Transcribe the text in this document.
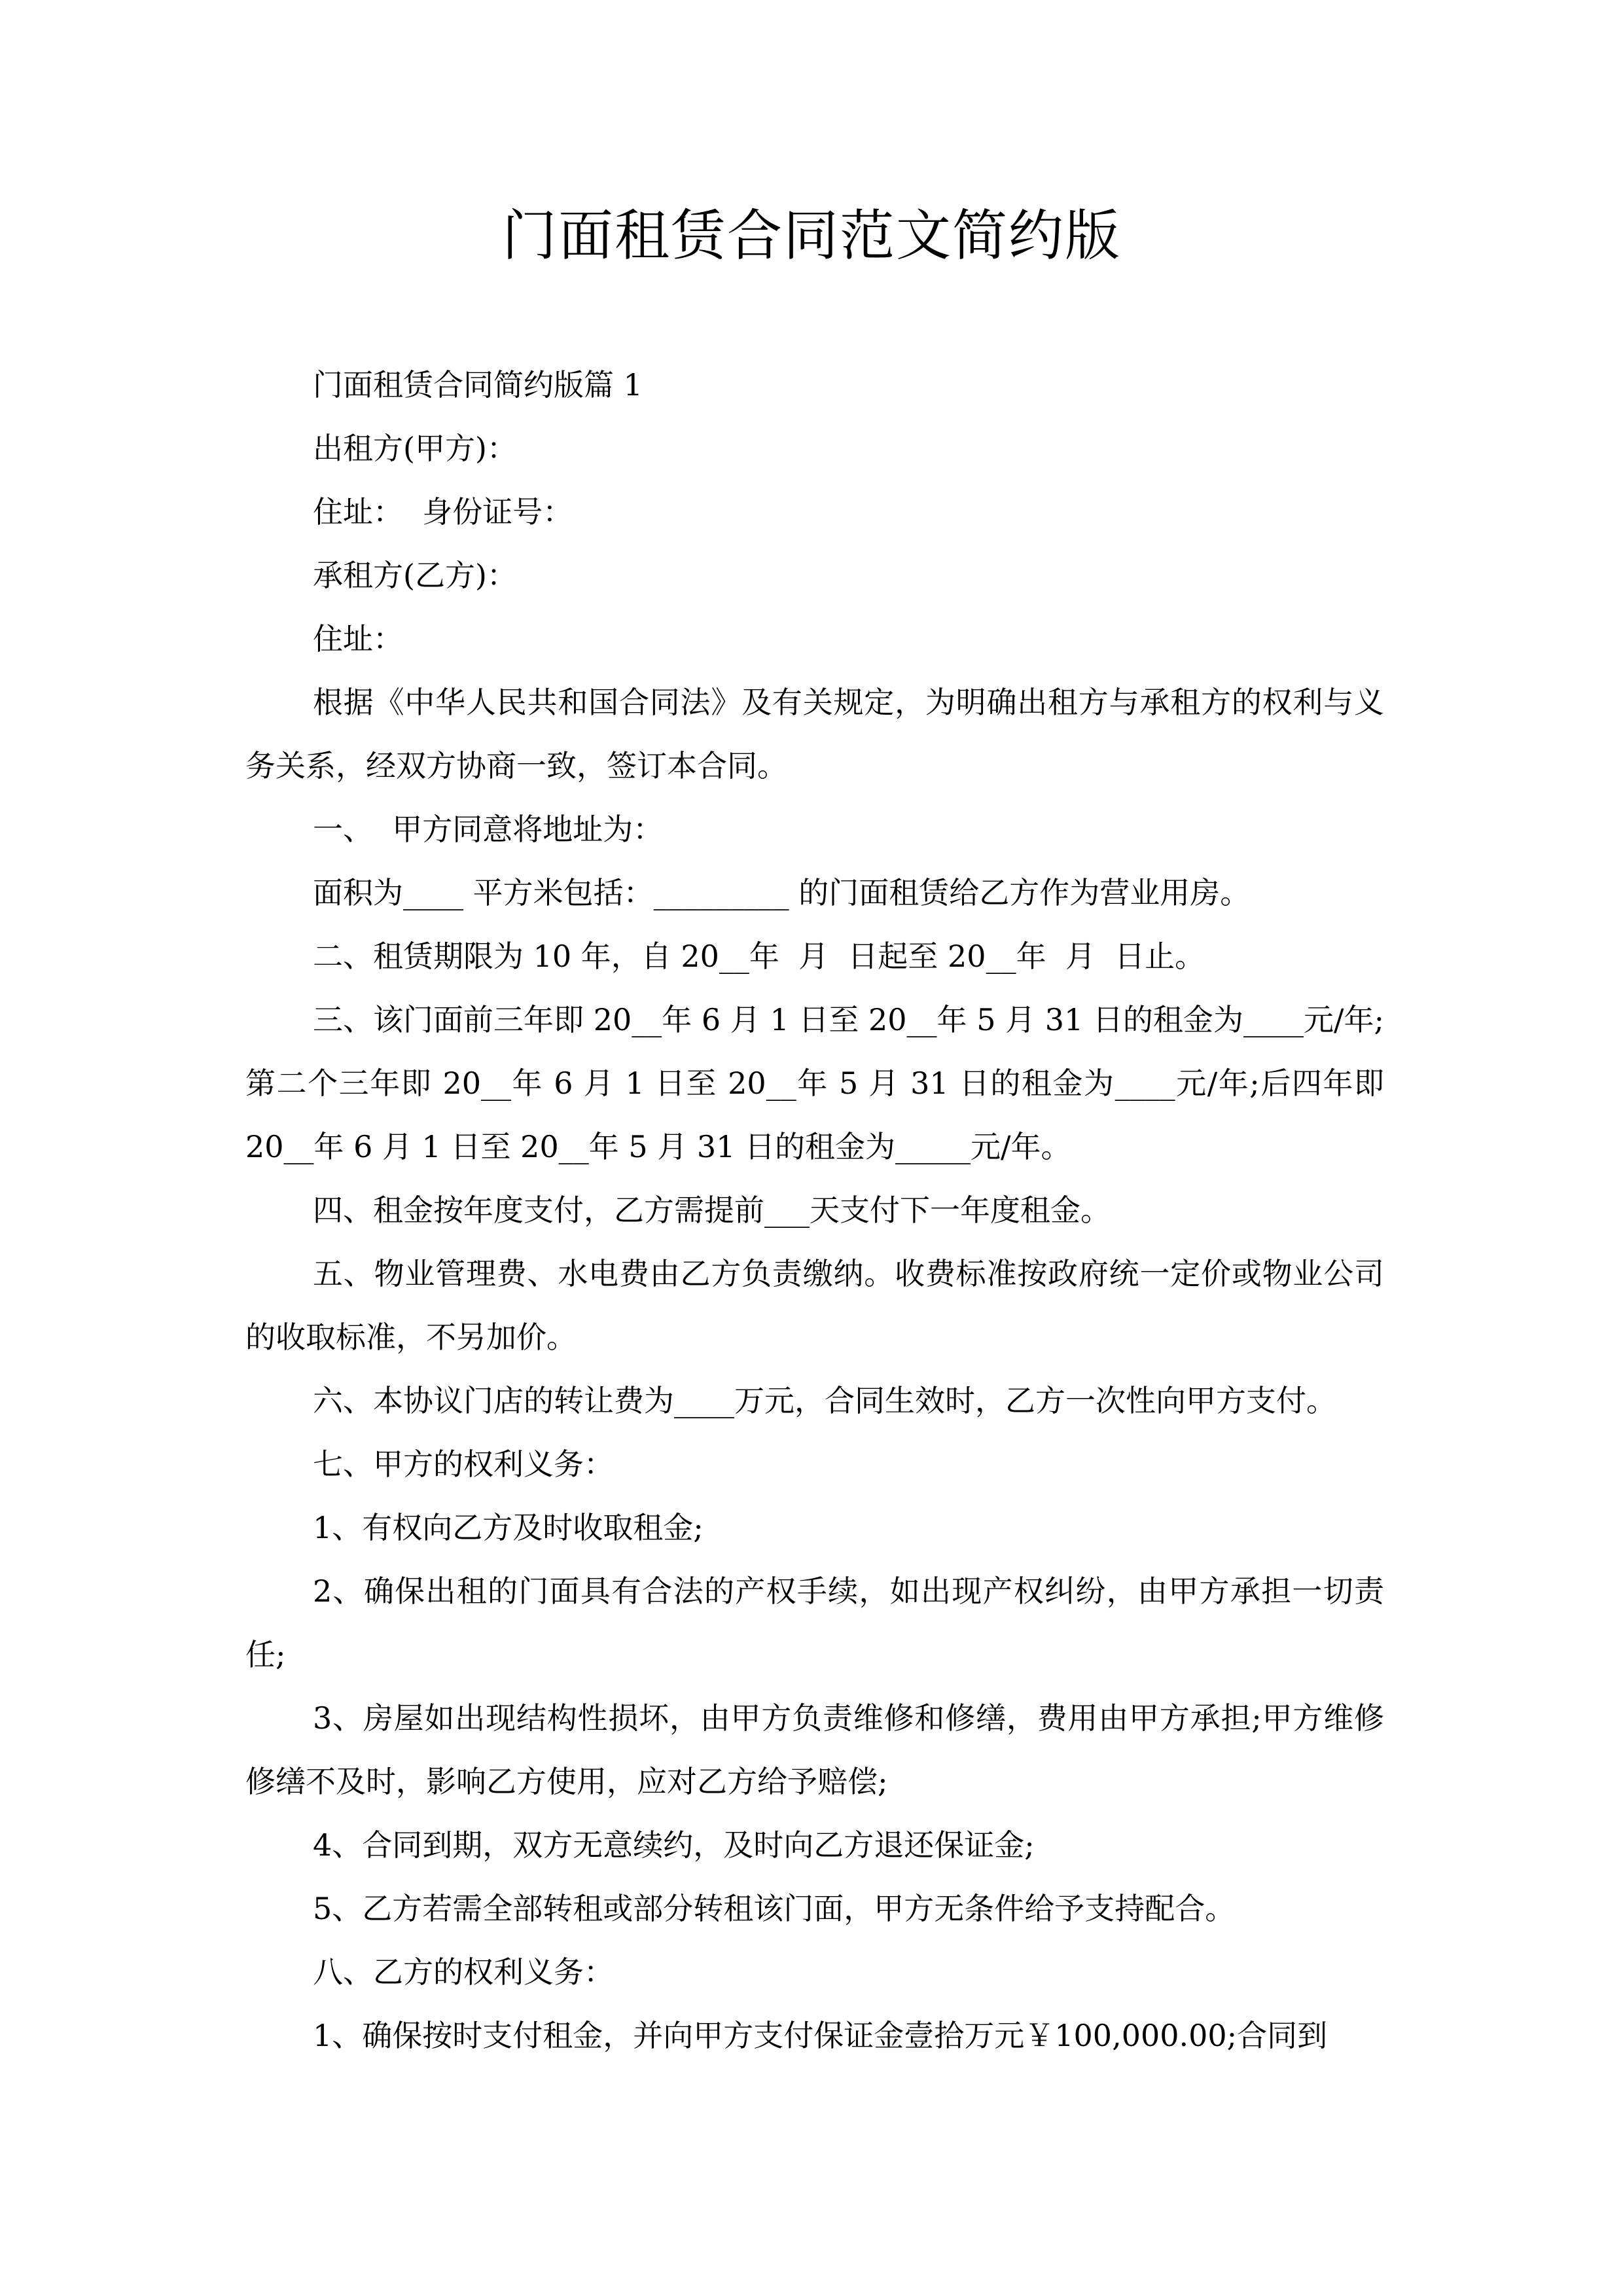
门面租赁合同范文简约版

门面租赁合同简约版篇 1

出租方(甲方)：

住址：  身份证号：

承租方(乙方)：

住址：

根据《中华人民共和国合同法》及有关规定，为明确出租方与承租方的权利与义务关系，经双方协商一致，签订本合同。

一、  甲方同意将地址为：

面积为____ 平方米包括：_________ 的门面租赁给乙方作为营业用房。

二、租赁期限为 10 年，自 20__年  月  日起至 20__年  月  日止。

三、该门面前三年即 20__年 6 月 1 日至 20__年 5 月 31 日的租金为____元/年;第二个三年即 20__年 6 月 1 日至 20__年 5 月 31 日的租金为____元/年;后四年即 20__年 6 月 1 日至 20__年 5 月 31 日的租金为_____元/年。

四、租金按年度支付，乙方需提前___天支付下一年度租金。

五、物业管理费、水电费由乙方负责缴纳。收费标准按政府统一定价或物业公司的收取标准，不另加价。

六、本协议门店的转让费为____万元，合同生效时，乙方一次性向甲方支付。

七、甲方的权利义务：

1、有权向乙方及时收取租金;

2、确保出租的门面具有合法的产权手续，如出现产权纠纷，由甲方承担一切责任;

3、房屋如出现结构性损坏，由甲方负责维修和修缮，费用由甲方承担;甲方维修修缮不及时，影响乙方使用，应对乙方给予赔偿;

4、合同到期，双方无意续约，及时向乙方退还保证金;

5、乙方若需全部转租或部分转租该门面，甲方无条件给予支持配合。

八、乙方的权利义务：

1、确保按时支付租金，并向甲方支付保证金壹拾万元￥100,000.00;合同到
